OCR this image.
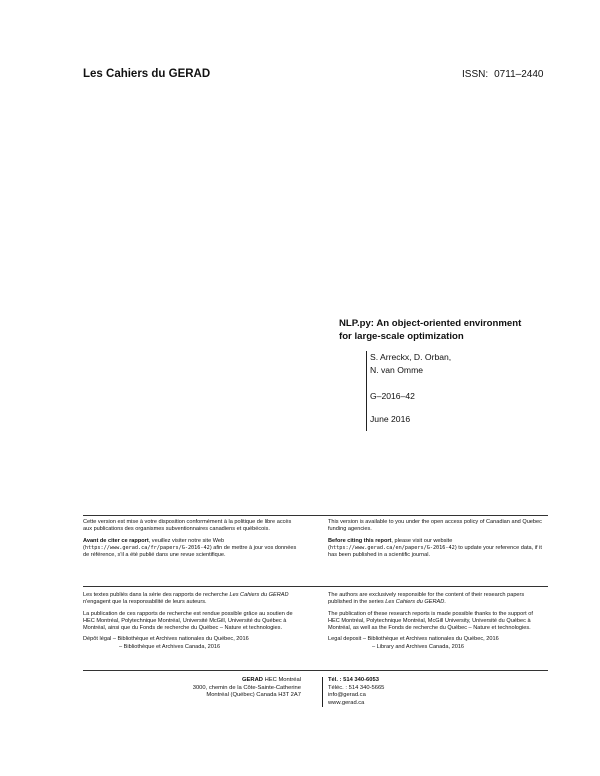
Les Cahiers du GERAD	ISSN: 0711–2440
NLP.py: An object-oriented environment
for large-scale optimization
S. Arreckx, D. Orban,
N. van Omme
G–2016–42
June 2016

Cette version est mise à votre disposition conformément à la politique de libre accès aux publications des organismes subventionnaires canadiens et québécois.

Avant de citer ce rapport, veuillez visiter notre site Web (https://www.gerad.ca/fr/papers/G-2016-42) afin de mettre à jour vos données de référence, s'il a été publié dans une revue scientifique.

This version is available to you under the open access policy of Canadian and Quebec funding agencies.

Before citing this report, please visit our website (https://www.gerad.ca/en/papers/G-2016-42) to update your reference data, if it has been published in a scientific journal.

Les textes publiés dans la série des rapports de recherche Les Cahiers du GERAD n'engagent que la responsabilité de leurs auteurs.

La publication de ces rapports de recherche est rendue possible grâce au soutien de HEC Montréal, Polytechnique Montréal, Université McGill, Université du Québec à Montréal, ainsi que du Fonds de recherche du Québec – Nature et technologies.

Dépôt légal – Bibliothèque et Archives nationales du Québec, 2016
– Bibliothèque et Archives Canada, 2016

The authors are exclusively responsible for the content of their research papers published in the series Les Cahiers du GERAD.

The publication of these research reports is made possible thanks to the support of HEC Montréal, Polytechnique Montréal, McGill University, Université du Québec à Montréal, as well as the Fonds de recherche du Québec – Nature et technologies.

Legal deposit – Bibliothèque et Archives nationales du Québec, 2016
– Library and Archives Canada, 2016
GERAD HEC Montréal
3000, chemin de la Côte-Sainte-Catherine
Montréal (Québec) Canada H3T 2A7
Tél. : 514 340-6053
Téléc. : 514 340-5665
info@gerad.ca
www.gerad.ca
